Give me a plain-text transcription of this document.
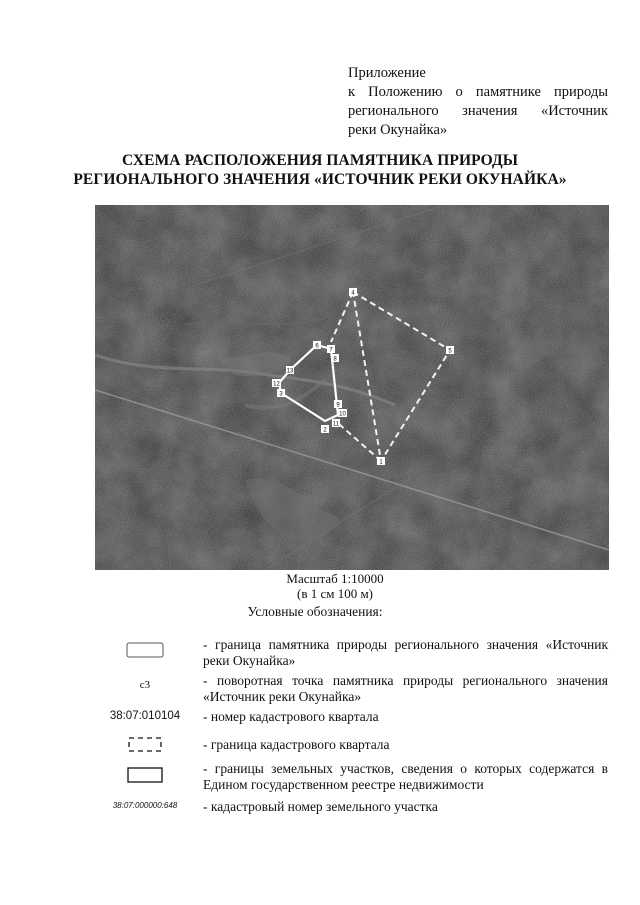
Приложение
к Положению о памятнике природы
регионального значения «Источник
реки Окунайка»
СХЕМА РАСПОЛОЖЕНИЯ ПАМЯТНИКА ПРИРОДЫ
РЕГИОНАЛЬНОГО ЗНАЧЕНИЯ «ИСТОЧНИК РЕКИ ОКУНАЙКА»
4
5
1
6
7
8
9
10
11
2
3
12
13
Масштаб 1:10000
(в 1 см 100 м)
Условные обозначения:
- граница памятника природы регионального значения «Источник реки Окунайка»
с3	- поворотная точка памятника природы регионального значения «Источник реки Окунайка»
38:07:010104	- номер кадастрового квартала
- граница кадастрового квартала
- границы земельных участков, сведения о которых содержатся в Едином государственном реестре недвижимости
38:07:000000:648	- кадастровый номер земельного участка
